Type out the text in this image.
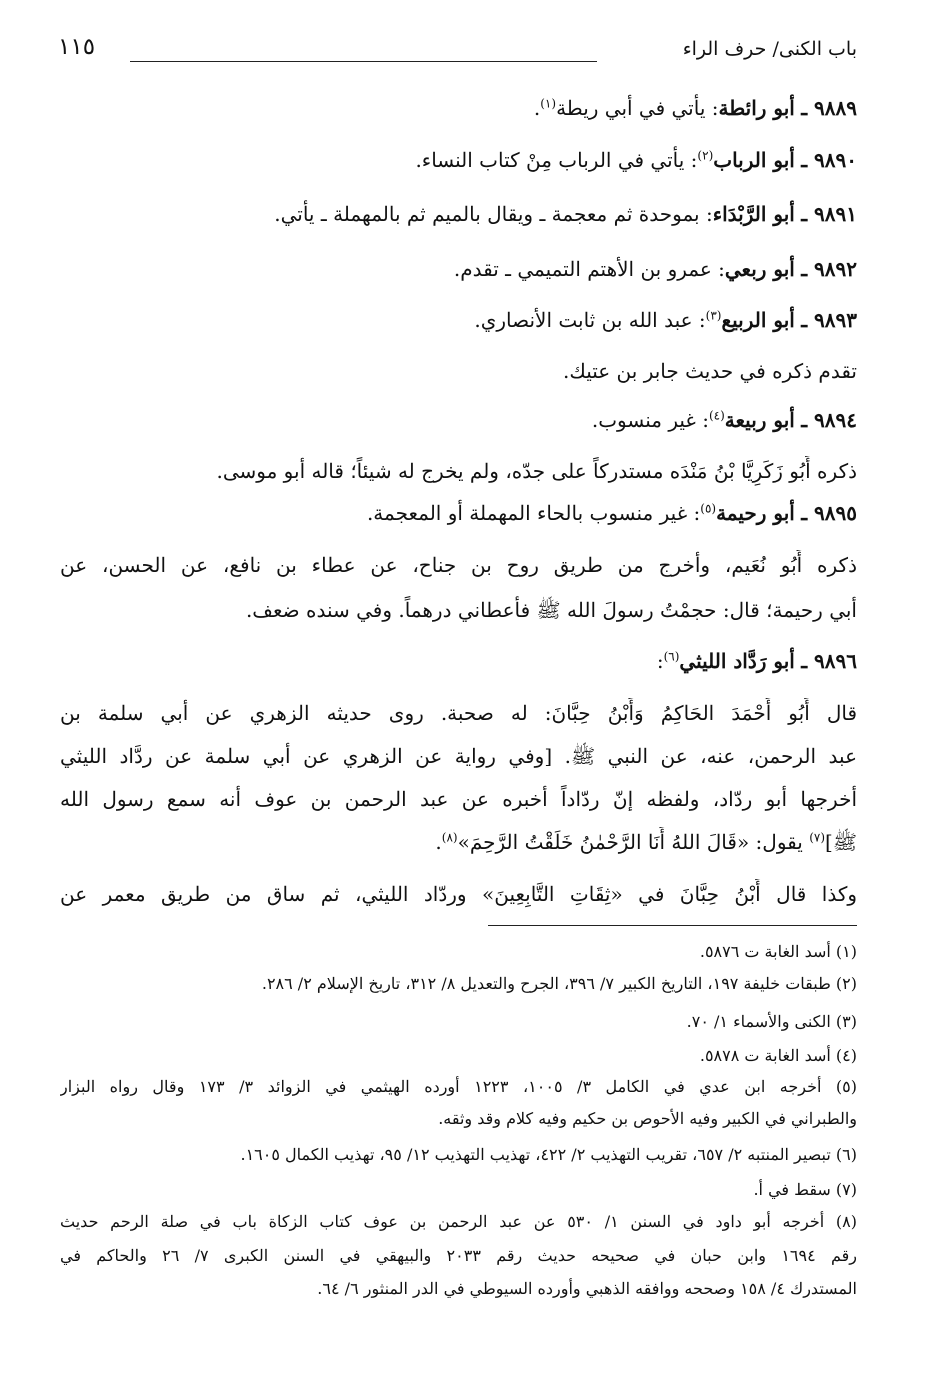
باب الكنى/ حرف الراء
١١٥
٩٨٨٩ ـ أبو رائطة: يأتي في أبي ريطة$^{(١)}$.
٩٨٩٠ ـ أبو الرباب$^{(٢)}$: يأتي في الرباب مِنْ كتاب النساء.
٩٨٩١ ـ أبو الرَّبْدَاء: بموحدة ثم معجمة ـ ويقال بالميم ثم بالمهملة ـ يأتي.
٩٨٩٢ ـ أبو ربعي: عمرو بن الأهتم التميمي ـ تقدم.
٩٨٩٣ ـ أبو الربيع$^{(٣)}$: عبد الله بن ثابت الأنصاري.
تقدم ذكره في حديث جابر بن عتيك.
٩٨٩٤ ـ أبو ربيعة$^{(٤)}$: غير منسوب.
ذكره أَبُو زَكَرِيَّا بْنُ مَنْدَه مستدركاً على جدّه، ولم يخرج له شيئاً؛ قاله أبو موسى.
٩٨٩٥ ـ أبو رحيمة$^{(٥)}$: غير منسوب بالحاء المهملة أو المعجمة.
ذكره أَبُو نُعَيم، وأخرج من طريق روح بن جناح، عن عطاء بن نافع، عن الحسن، عن
أبي رحيمة؛ قال: حجمْتُ رسولَ الله ﷺ فأعطاني درهماً. وفي سنده ضعف.
٩٨٩٦ ـ أبو رَدَّاد الليثي$^{(٦)}$:
قال أَبُو أَحْمَدَ الحَاكِمُ وَأَبْنُ حِبَّانَ: له صحبة. روى حديثه الزهري عن أبي سلمة بن
عبد الرحمن، عنه، عن النبي ﷺ. [وفي رواية عن الزهري عن أبي سلمة عن ردَّاد الليثي
أخرجها أبو ردّاد، ولفظه إنّ ردّاداً أخبره عن عبد الرحمن بن عوف أنه سمع رسول الله
ﷺ]$^{(٧)}$ يقول: «قَالَ اللهُ أَنَا الرَّحْمٰنُ خَلَقْتُ الرَّحِمَ»$^{(٨)}$.
وكذا قال أَبْنُ حِبَّانَ في «ثِقَاتِ التَّابِعِينَ» وردّاد الليثي، ثم ساق من طريق معمر عن
(١) أسد الغابة ت ٥٨٧٦.
(٢) طبقات خليفة ١٩٧، التاريخ الكبير ٧/ ٣٩٦، الجرح والتعديل ٨/ ٣١٢، تاريخ الإسلام ٢/ ٢٨٦.
(٣) الكنى والأسماء ١/ ٧٠.
(٤) أسد الغابة ت ٥٨٧٨.
(٥) أخرجه ابن عدي في الكامل ٣/ ١٠٠٥، ١٢٢٣ أورده الهيثمي في الزوائد ٣/ ١٧٣ وقال رواه البزار
والطبراني في الكبير وفيه الأحوص بن حكيم وفيه كلام وقد وثقه.
(٦) تبصير المنتبه ٢/ ٦٥٧، تقريب التهذيب ٢/ ٤٢٢، تهذيب التهذيب ١٢/ ٩٥، تهذيب الكمال ١٦٠٥.
(٧) سقط في أ.
(٨) أخرجه أبو داود في السنن ١/ ٥٣٠ عن عبد الرحمن بن عوف كتاب الزكاة باب في صلة الرحم حديث
رقم ١٦٩٤ وابن حبان في صحيحه حديث رقم ٢٠٣٣ والبيهقي في السنن الكبرى ٧/ ٢٦ والحاكم في
المستدرك ٤/ ١٥٨ وصححه ووافقه الذهبي وأورده السيوطي في الدر المنثور ٦/ ٦٤.
